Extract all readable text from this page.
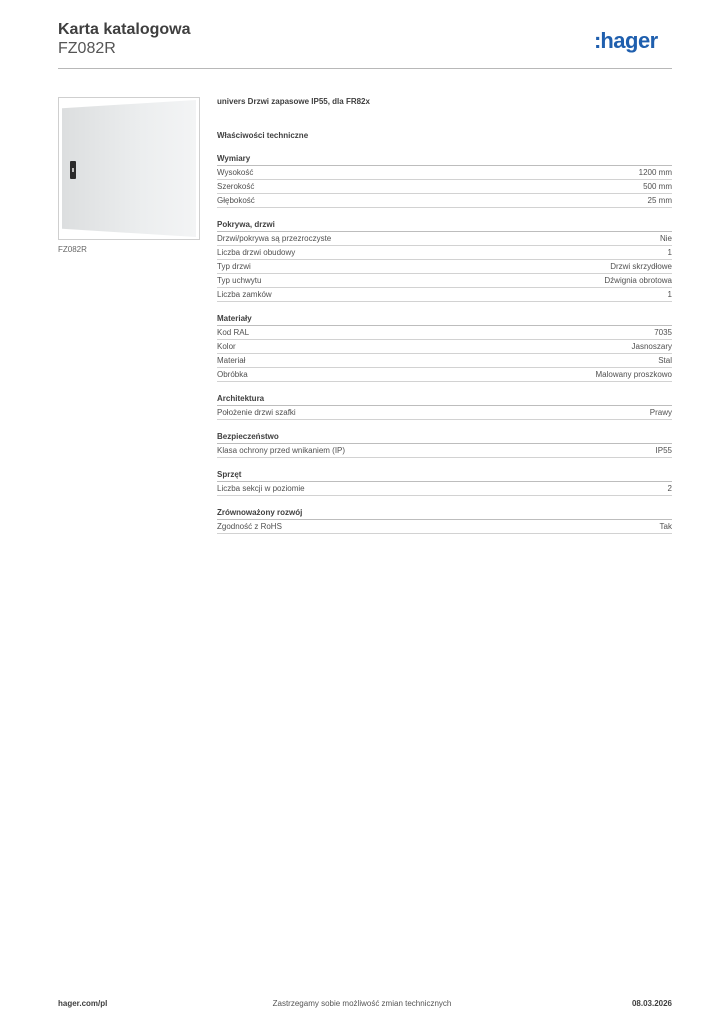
Karta katalogowa
FZ082R	:hager
FZ082R
univers Drzwi zapasowe IP55, dla FR82x
Właściwości techniczne
Wymiary
Wysokość	1200 mm
Szerokość	500 mm
Głębokość	25 mm
Pokrywa, drzwi
Drzwi/pokrywa są przezroczyste	Nie
Liczba drzwi obudowy	1
Typ drzwi	Drzwi skrzydłowe
Typ uchwytu	Dźwignia obrotowa
Liczba zamków	1
Materiały
Kod RAL	7035
Kolor	Jasnoszary
Materiał	Stal
Obróbka	Malowany proszkowo
Architektura
Położenie drzwi szafki	Prawy
Bezpieczeństwo
Klasa ochrony przed wnikaniem (IP)	IP55
Sprzęt
Liczba sekcji w poziomie	2
Zrównoważony rozwój
Zgodność z RoHS	Tak
hager.com/pl	Zastrzegamy sobie możliwość zmian technicznych	08.03.2026
